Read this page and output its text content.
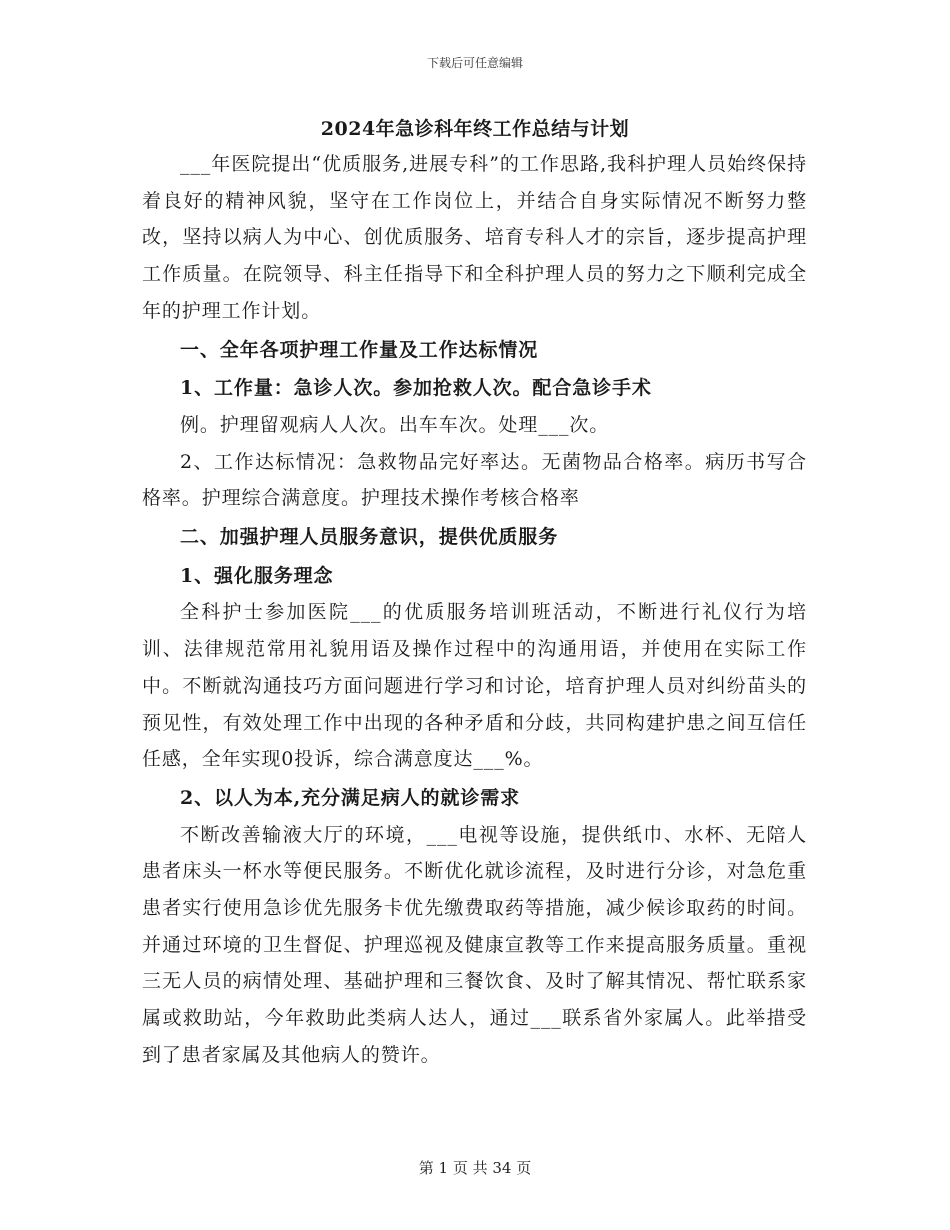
下载后可任意编辑
2024年急诊科年终工作总结与计划

___年医院提出“优质服务,进展专科”的工作思路,我科护理人员始终保持着良好的精神风貌，坚守在工作岗位上，并结合自身实际情况不断努力整改，坚持以病人为中心、创优质服务、培育专科人才的宗旨，逐步提高护理工作质量。在院领导、科主任指导下和全科护理人员的努力之下顺利完成全年的护理工作计划。

一、全年各项护理工作量及工作达标情况

1、工作量：急诊人次。参加抢救人次。配合急诊手术

例。护理留观病人人次。出车车次。处理___次。

2、工作达标情况：急救物品完好率达。无菌物品合格率。病历书写合格率。护理综合满意度。护理技术操作考核合格率

二、加强护理人员服务意识，提供优质服务

1、强化服务理念

全科护士参加医院___的优质服务培训班活动，不断进行礼仪行为培训、法律规范常用礼貌用语及操作过程中的沟通用语，并使用在实际工作中。不断就沟通技巧方面问题进行学习和讨论，培育护理人员对纠纷苗头的预见性，有效处理工作中出现的各种矛盾和分歧，共同构建护患之间互信任任感，全年实现0投诉，综合满意度达___%。

2、以人为本,充分满足病人的就诊需求

不断改善输液大厅的环境，___电视等设施，提供纸巾、水杯、无陪人患者床头一杯水等便民服务。不断优化就诊流程，及时进行分诊，对急危重患者实行使用急诊优先服务卡优先缴费取药等措施，减少候诊取药的时间。并通过环境的卫生督促、护理巡视及健康宣教等工作来提高服务质量。重视三无人员的病情处理、基础护理和三餐饮食、及时了解其情况、帮忙联系家属或救助站，今年救助此类病人达人，通过___联系省外家属人。此举措受到了患者家属及其他病人的赞许。

第 1 页 共 34 页
